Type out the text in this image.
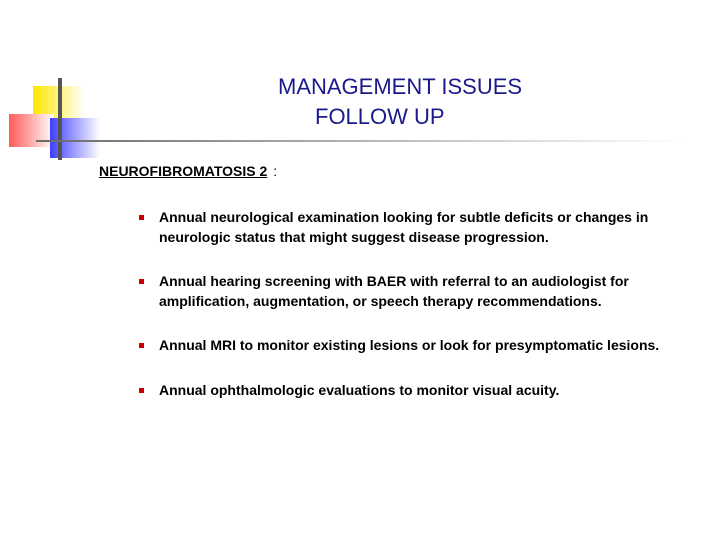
MANAGEMENT ISSUES
FOLLOW UP
NEUROFIBROMATOSIS 2 :
Annual neurological examination looking for subtle deficits or changes in neurologic status that might suggest disease progression.
Annual hearing screening with BAER with referral to an audiologist for amplification, augmentation, or speech therapy recommendations.
Annual MRI to monitor existing lesions or look for presymptomatic lesions.
Annual ophthalmologic evaluations to monitor visual acuity.
